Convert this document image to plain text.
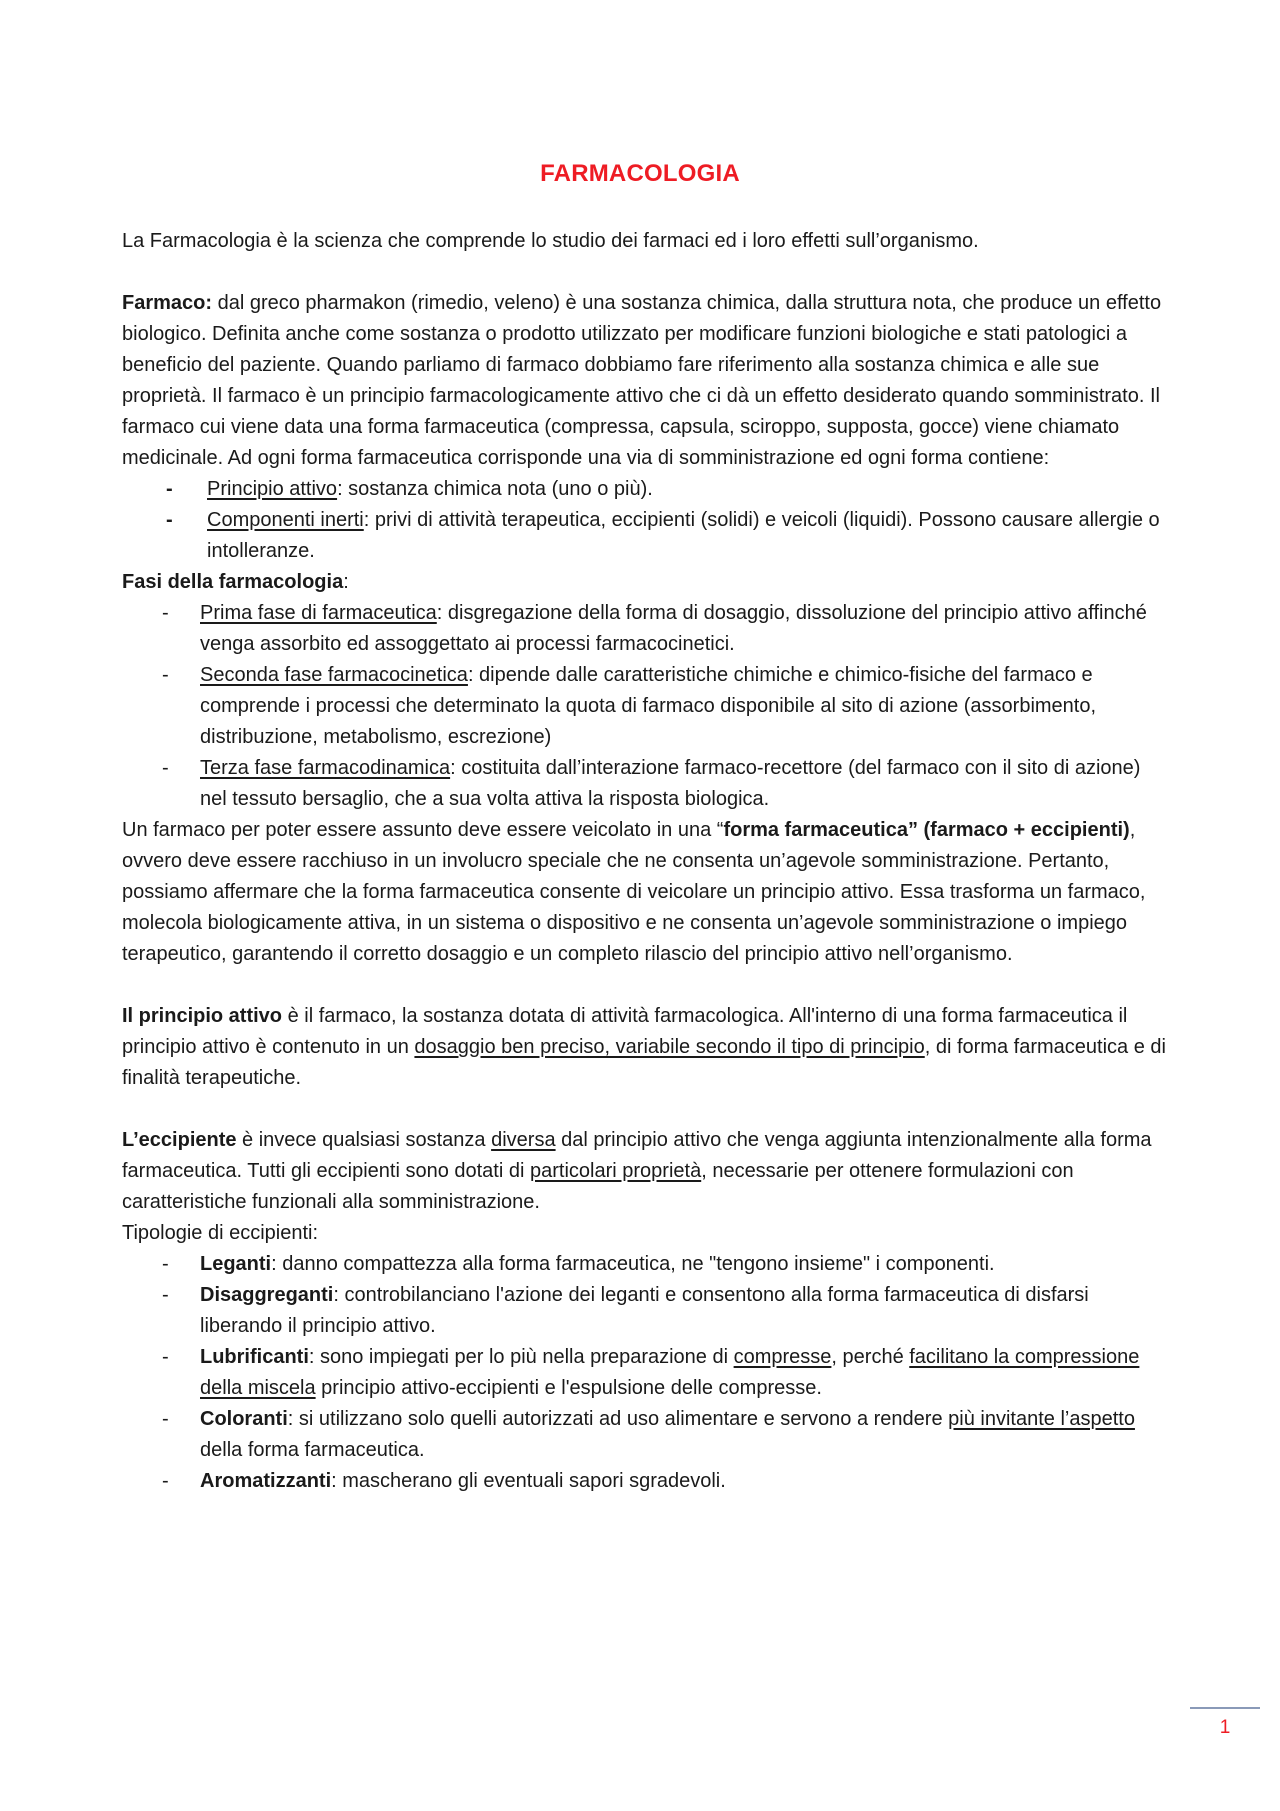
FARMACOLOGIA

La Farmacologia è la scienza che comprende lo studio dei farmaci ed i loro effetti sull’organismo.

Farmaco: dal greco pharmakon (rimedio, veleno) è una sostanza chimica, dalla struttura nota, che produce un effetto biologico. Definita anche come sostanza o prodotto utilizzato per modificare funzioni biologiche e stati patologici a beneficio del paziente. Quando parliamo di farmaco dobbiamo fare riferimento alla sostanza chimica e alle sue proprietà. Il farmaco è un principio farmacologicamente attivo che ci dà un effetto desiderato quando somministrato. Il farmaco cui viene data una forma farmaceutica (compressa, capsula, sciroppo, supposta, gocce) viene chiamato medicinale. Ad ogni forma farmaceutica corrisponde una via di somministrazione ed ogni forma contiene:

- Principio attivo: sostanza chimica nota (uno o più).
- Componenti inerti: privi di attività terapeutica, eccipienti (solidi) e veicoli (liquidi). Possono causare allergie o intolleranze.

Fasi della farmacologia:

- Prima fase di farmaceutica: disgregazione della forma di dosaggio, dissoluzione del principio attivo affinché venga assorbito ed assoggettato ai processi farmacocinetici.
- Seconda fase farmacocinetica: dipende dalle caratteristiche chimiche e chimico-fisiche del farmaco e comprende i processi che determinato la quota di farmaco disponibile al sito di azione (assorbimento, distribuzione, metabolismo, escrezione)
- Terza fase farmacodinamica: costituita dall’interazione farmaco-recettore (del farmaco con il sito di azione) nel tessuto bersaglio, che a sua volta attiva la risposta biologica.

Un farmaco per poter essere assunto deve essere veicolato in una “forma farmaceutica” (farmaco + eccipienti), ovvero deve essere racchiuso in un involucro speciale che ne consenta un’agevole somministrazione. Pertanto, possiamo affermare che la forma farmaceutica consente di veicolare un principio attivo. Essa trasforma un farmaco, molecola biologicamente attiva, in un sistema o dispositivo e ne consenta un’agevole somministrazione o impiego terapeutico, garantendo il corretto dosaggio e un completo rilascio del principio attivo nell’organismo.

Il principio attivo è il farmaco, la sostanza dotata di attività farmacologica. All'interno di una forma farmaceutica il principio attivo è contenuto in un dosaggio ben preciso, variabile secondo il tipo di principio, di forma farmaceutica e di finalità terapeutiche.

L’eccipiente è invece qualsiasi sostanza diversa dal principio attivo che venga aggiunta intenzionalmente alla forma farmaceutica. Tutti gli eccipienti sono dotati di particolari proprietà, necessarie per ottenere formulazioni con caratteristiche funzionali alla somministrazione.

Tipologie di eccipienti:

- Leganti: danno compattezza alla forma farmaceutica, ne "tengono insieme" i componenti.
- Disaggreganti: controbilanciano l'azione dei leganti e consentono alla forma farmaceutica di disfarsi liberando il principio attivo.
- Lubrificanti: sono impiegati per lo più nella preparazione di compresse, perché facilitano la compressione della miscela principio attivo-eccipienti e l'espulsione delle compresse.
- Coloranti: si utilizzano solo quelli autorizzati ad uso alimentare e servono a rendere più invitante l’aspetto della forma farmaceutica.
- Aromatizzanti: mascherano gli eventuali sapori sgradevoli.
1
